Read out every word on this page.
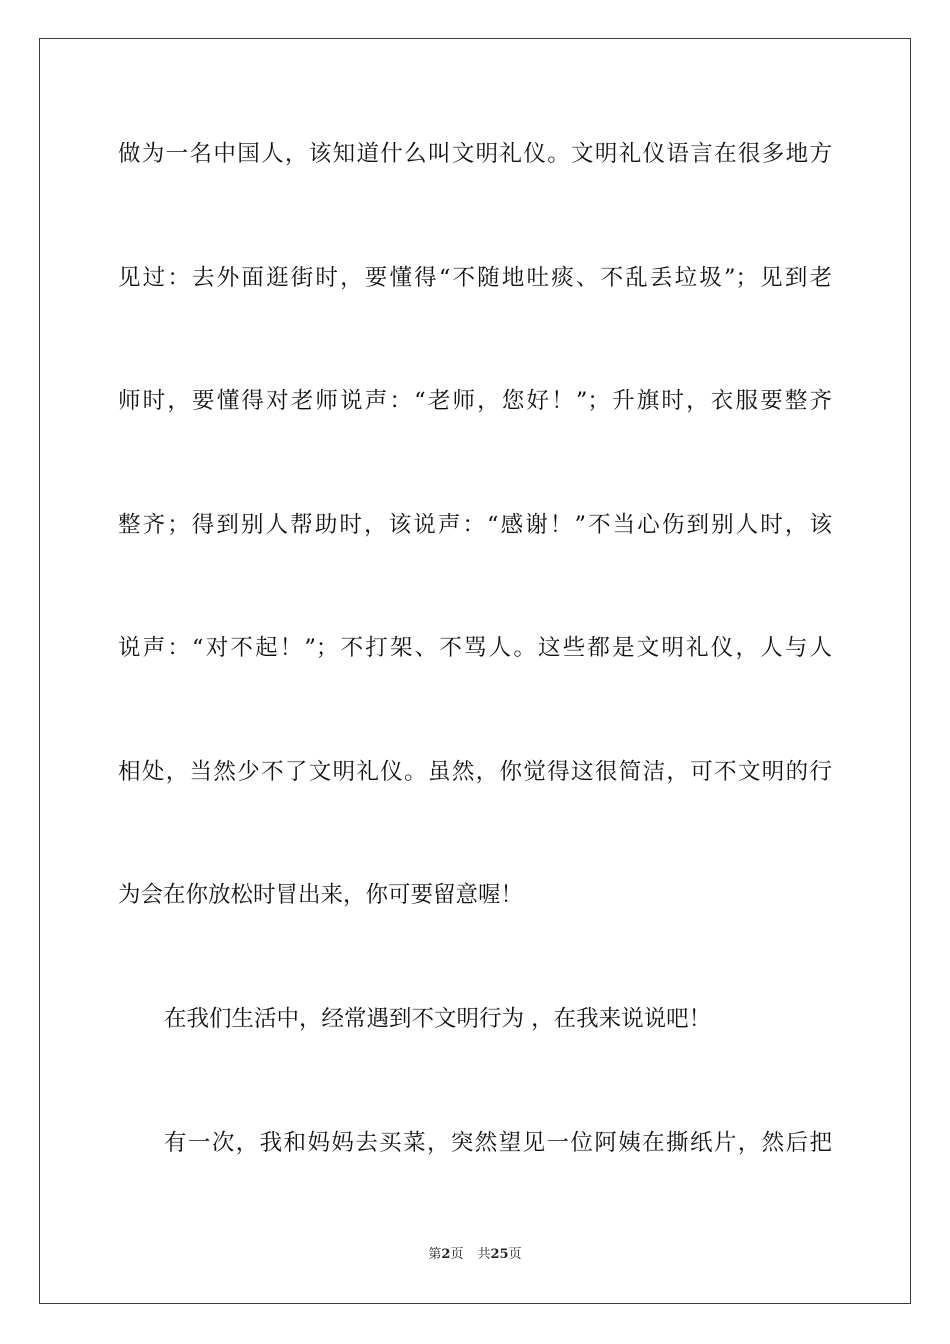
做为一名中国人，该知道什么叫文明礼仪。文明礼仪语言在很多地方
见过：去外面逛街时，要懂得“不随地吐痰、不乱丢垃圾”；见到老
师时，要懂得对老师说声：“老师，您好！”；升旗时，衣服要整齐
整齐；得到别人帮助时，该说声：“感谢！”不当心伤到别人时，该
说声：“对不起！”；不打架、不骂人。这些都是文明礼仪，人与人
相处，当然少不了文明礼仪。虽然，你觉得这很简洁，可不文明的行
为会在你放松时冒出来，你可要留意喔！
在我们生活中，经常遇到不文明行为 ，在我来说说吧！
有一次，我和妈妈去买菜，突然望见一位阿姨在撕纸片，然后把
第2页 共25页
